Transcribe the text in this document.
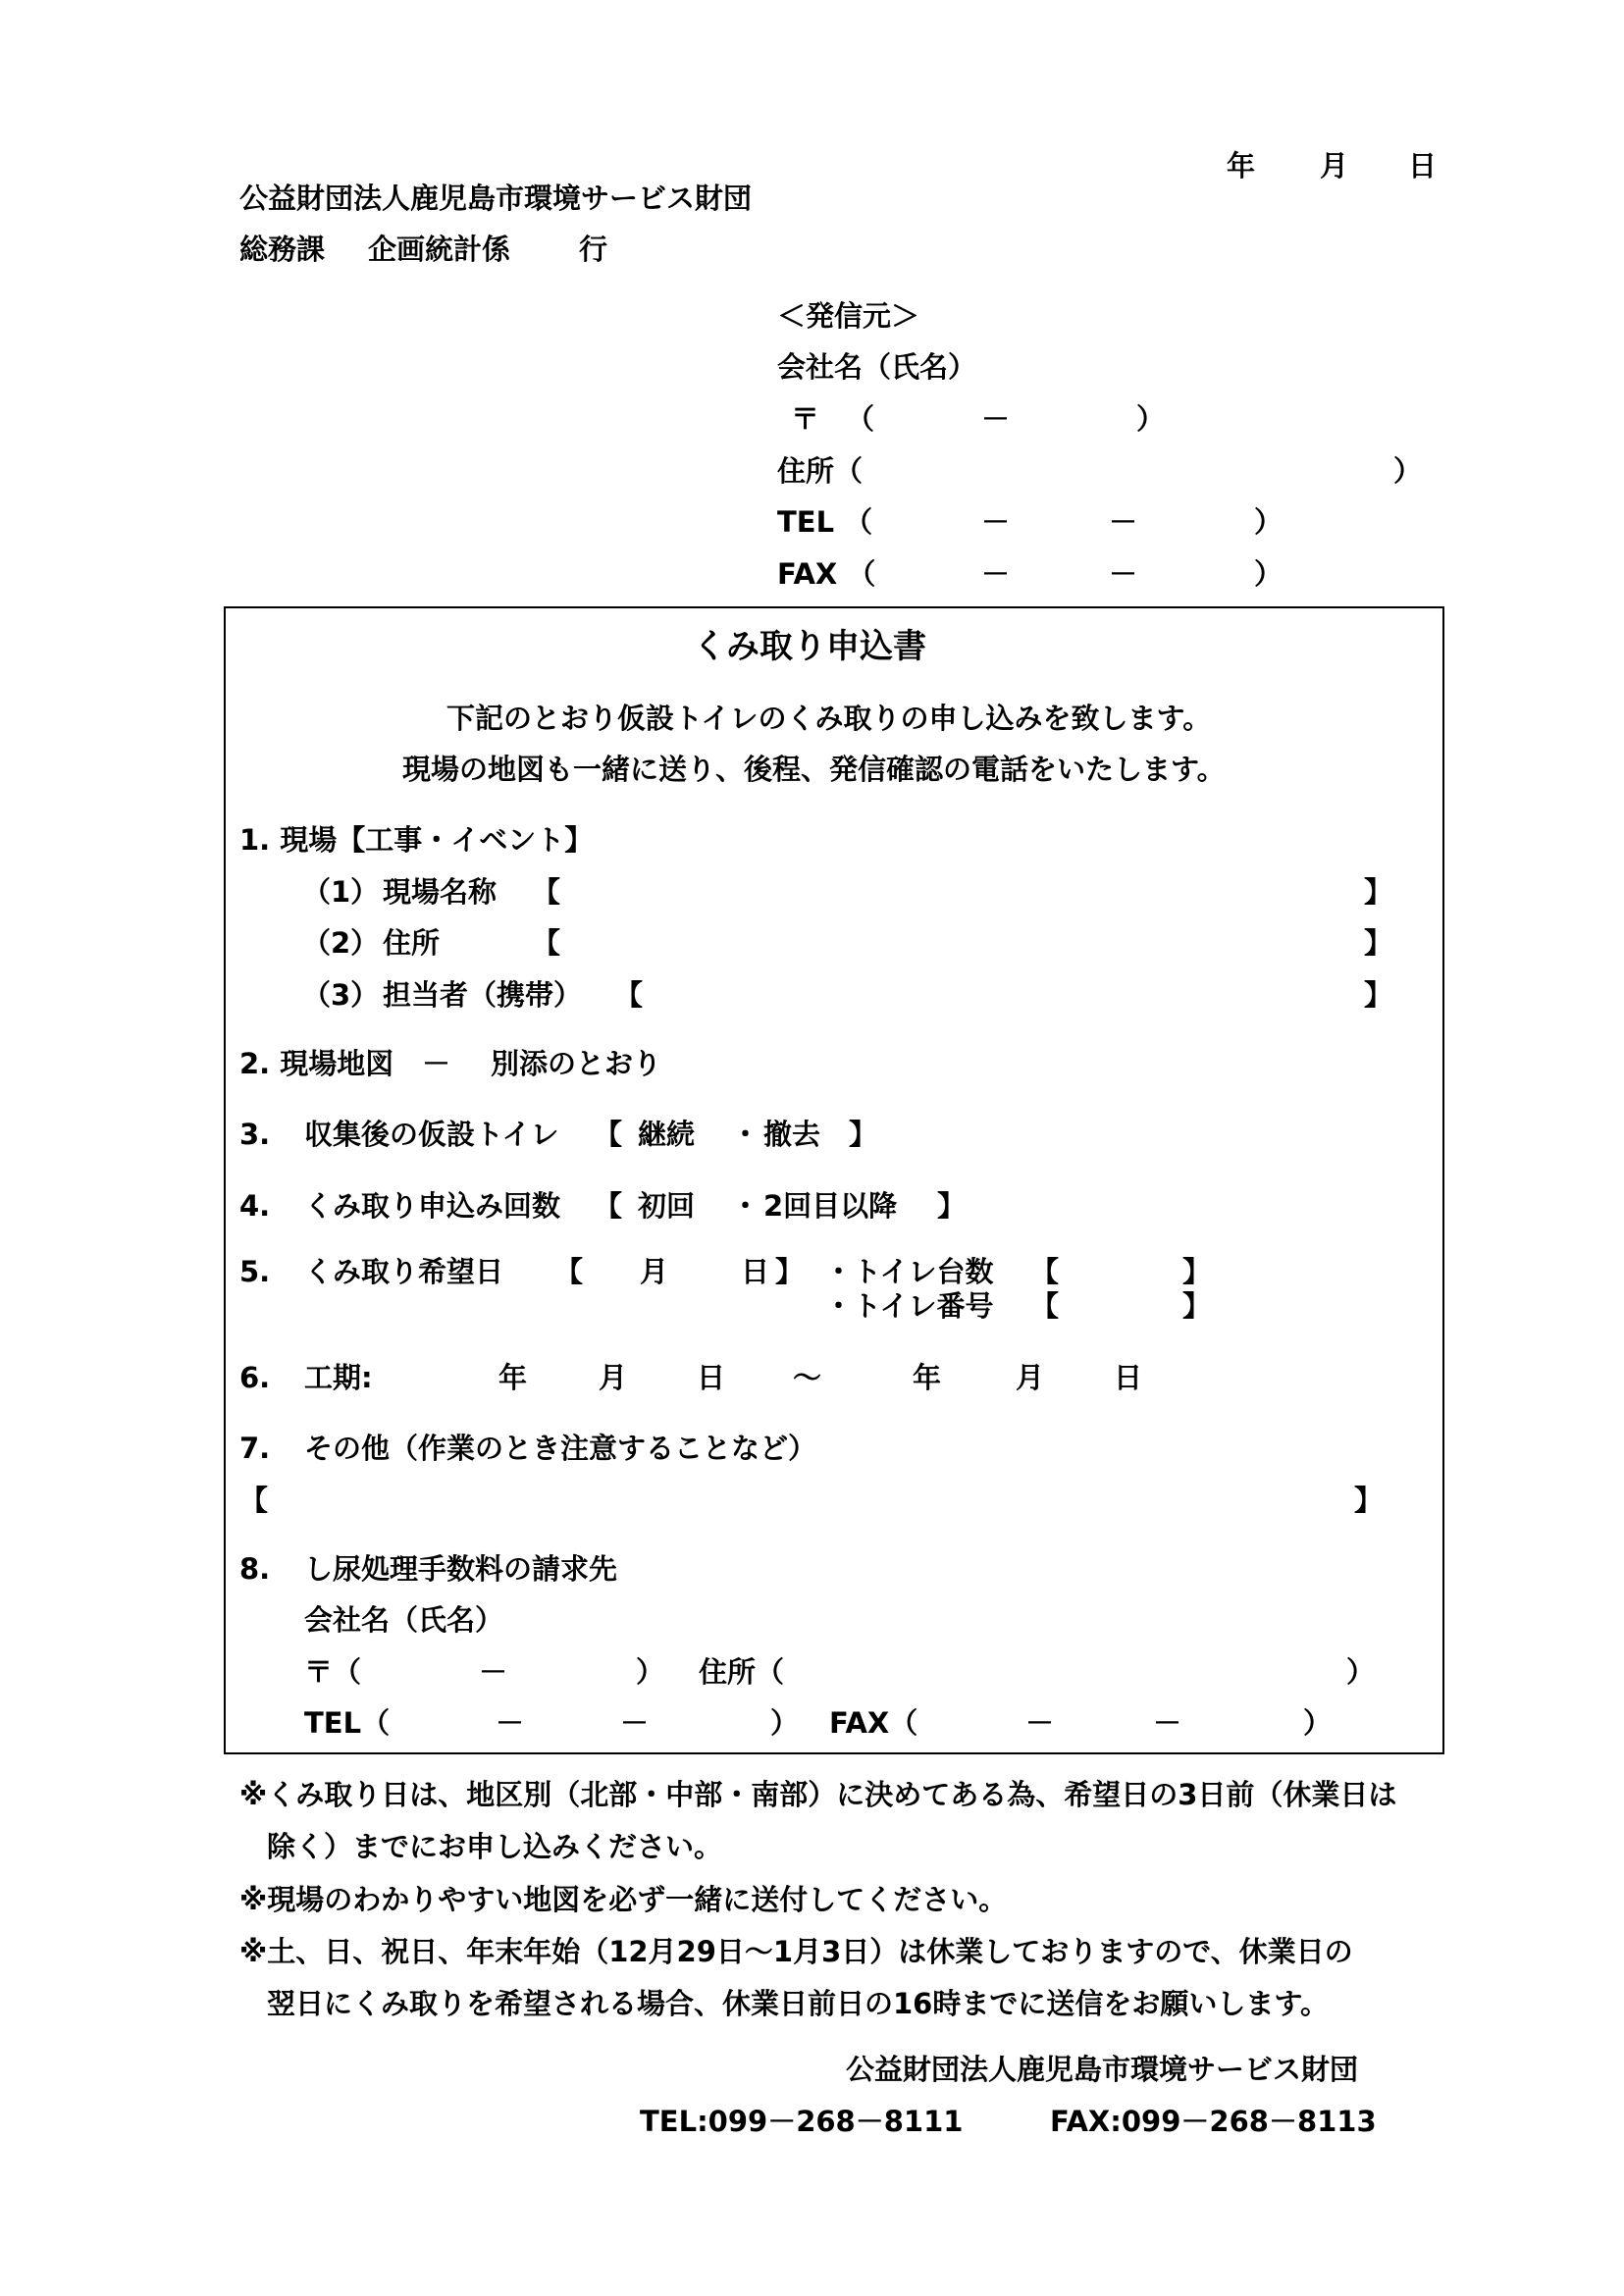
年 月 日
公益財団法人鹿児島市環境サービス財団
総務課 企画統計係 行
＜発信元＞
会社名（氏名）
〒 （	－	）
住所（	）
TEL （	－	－	）
FAX （	－	－	）
くみ取り申込書
下記のとおり仮設トイレのくみ取りの申し込みを致します。
現場の地図も一緒に送り、後程、発信確認の電話をいたします。
1. 現場【工事・イベント】
（1） 現場名称 【	】
（2） 住所	【	】
（3） 担当者（携帯） 【	】
2. 現場地図 － 別添のとおり
3. 収集後の仮設トイレ 【 継続 ・ 撤去 】
4. くみ取り申込み回数 【 初回 ・ 2回目以降 】
5. くみ取り希望日 【 月	日 】 ・トイレ台数 【	】
・トイレ番号 【	】
6. 工期:	年	月 日 ～	年	月 日
7. その他（作業のとき注意することなど）
【	】
8. し尿処理手数料の請求先
会社名（氏名）
〒（	－	） 住所（	）
TEL（	－	－	） FAX（	－	－	）
※くみ取り日は、地区別（北部・中部・南部）に決めてある為、希望日の3日前（休業日は
除く）までにお申し込みください。
※現場のわかりやすい地図を必ず一緒に送付してください。
※土、日、祝日、年末年始（12月29日～1月3日）は休業しておりますので、休業日の
翌日にくみ取りを希望される場合、休業日前日の16時までに送信をお願いします。
公益財団法人鹿児島市環境サービス財団
TEL:099－268－8111	FAX:099－268－8113
